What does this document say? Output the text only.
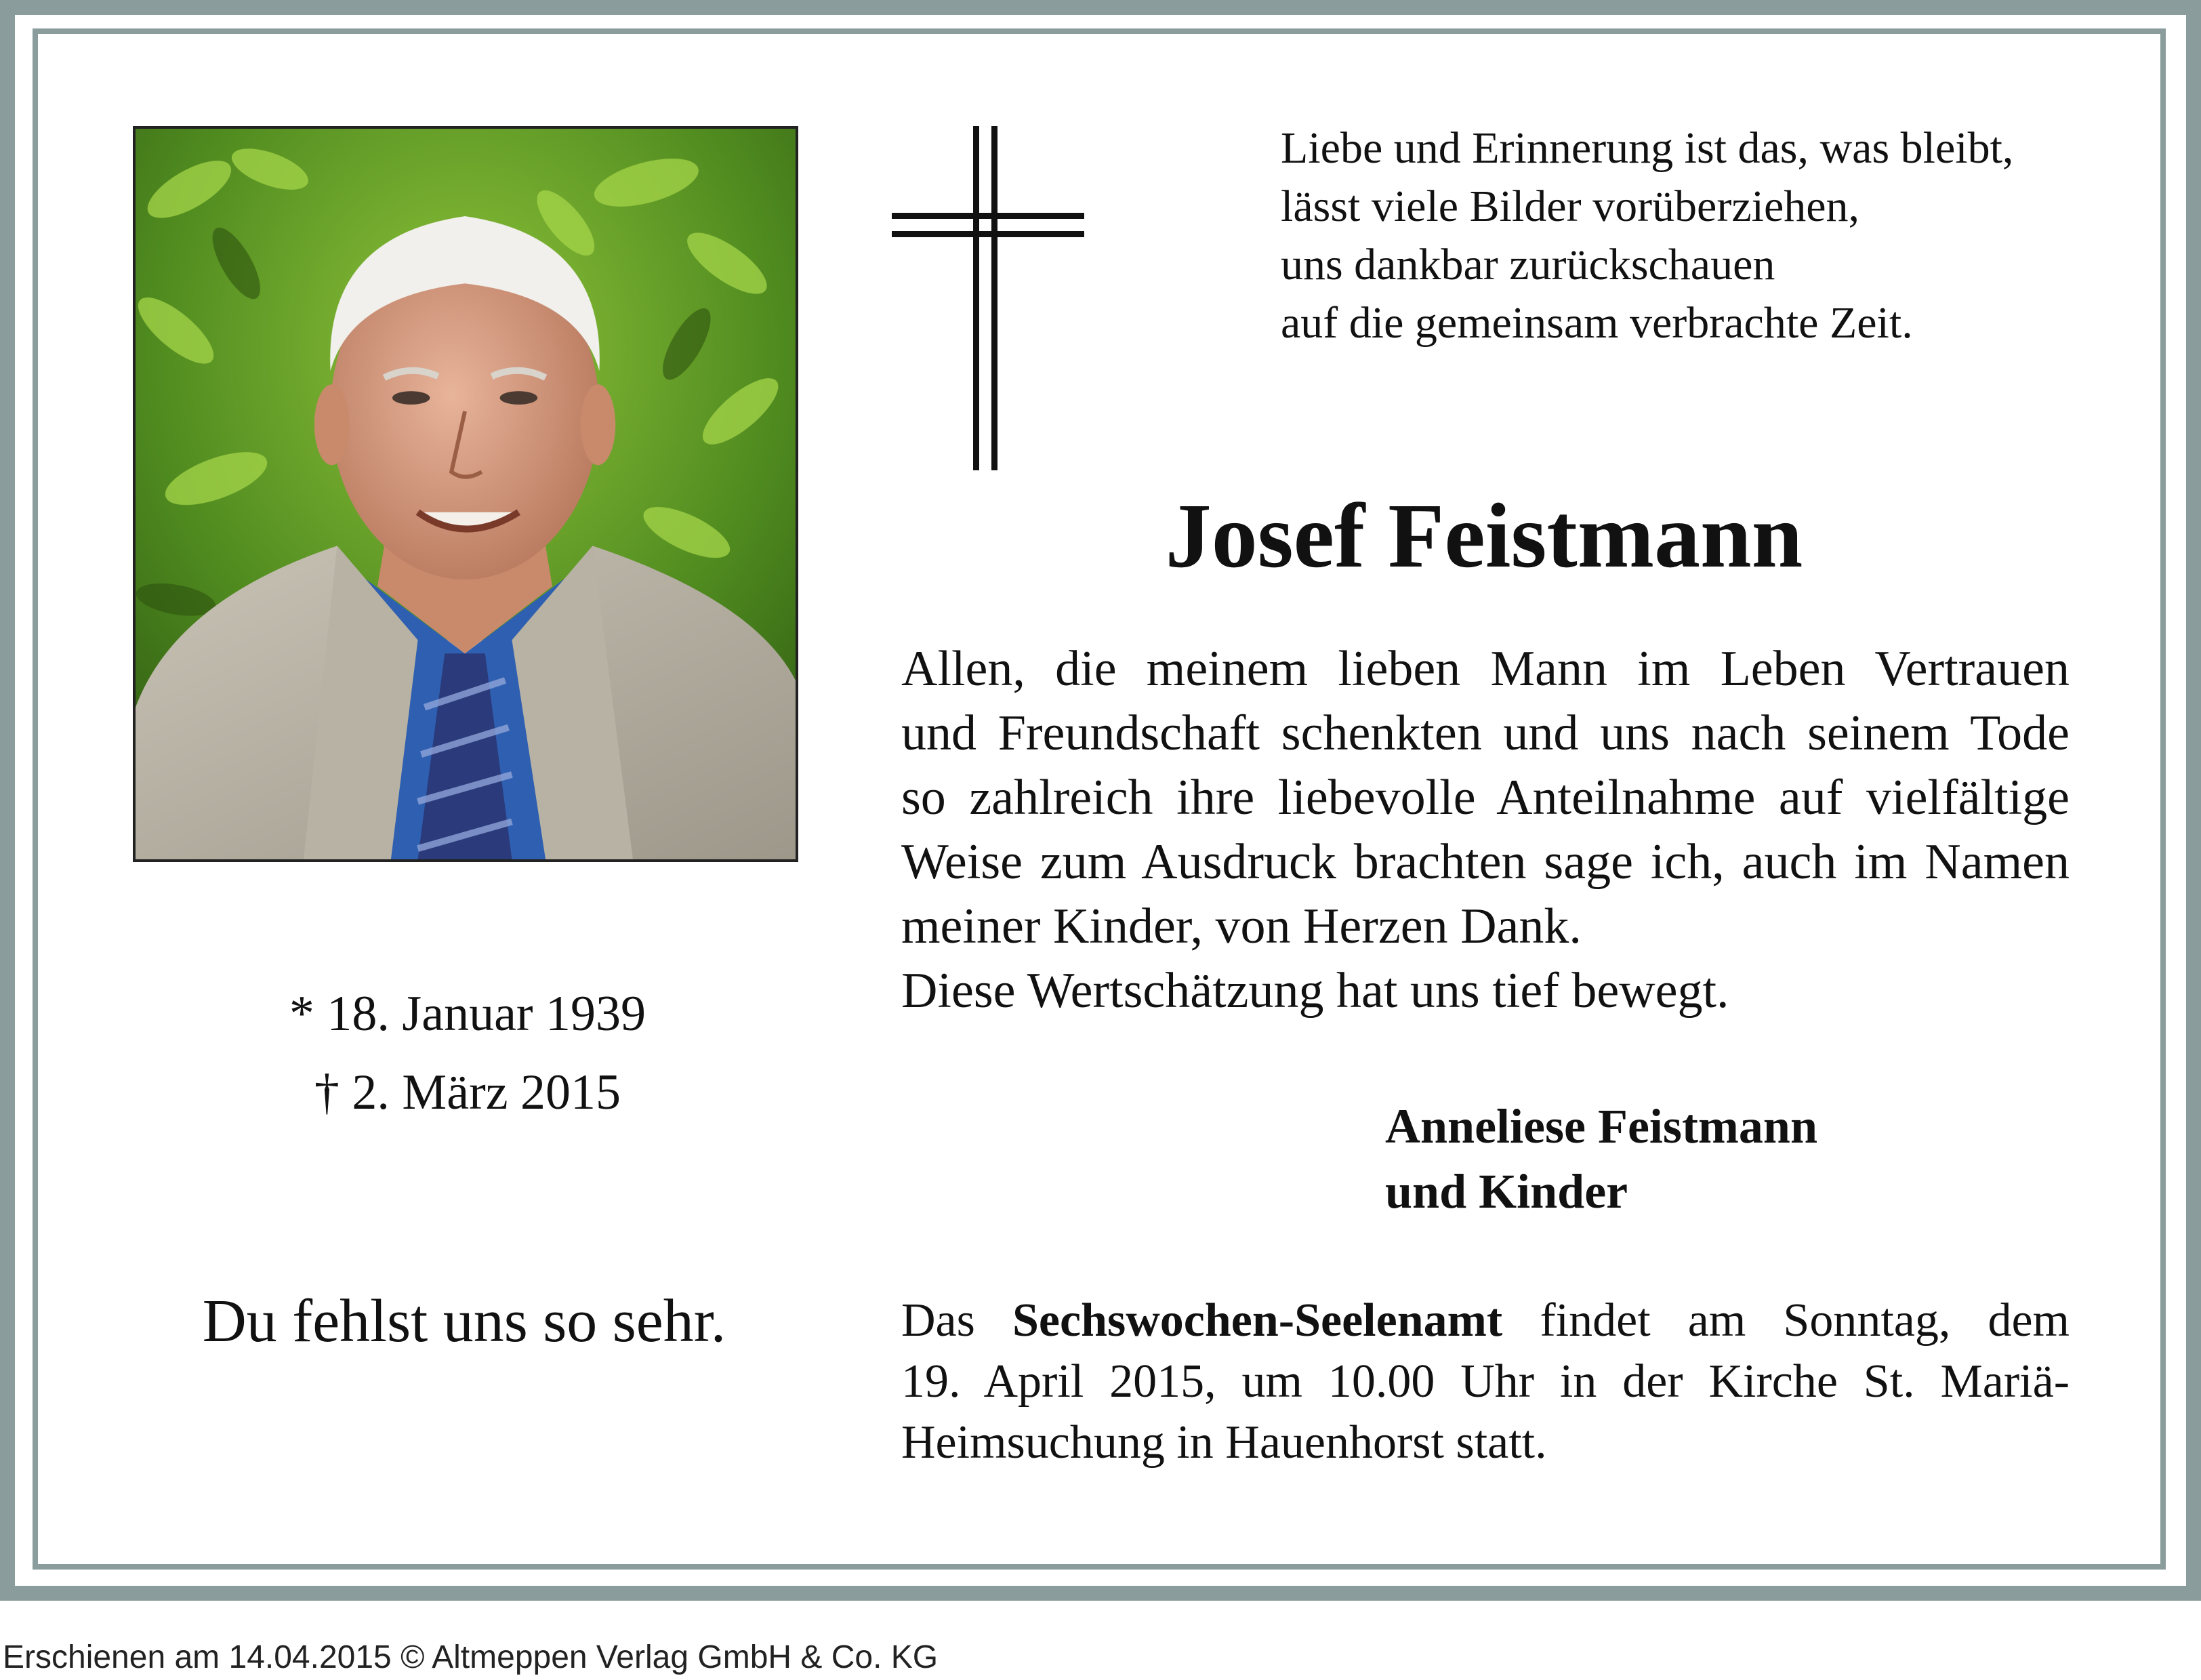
Liebe und Erinnerung ist das, was bleibt,
lässt viele Bilder vorüberziehen,
uns dankbar zurückschauen
auf die gemeinsam verbrachte Zeit.
Josef Feistmann
Allen, die meinem lieben Mann im Leben Vertrauen
und Freundschaft schenkten und uns nach seinem Tode
so zahlreich ihre liebevolle Anteilnahme auf vielfältige
Weise zum Ausdruck brachten sage ich, auch im Namen
meiner Kinder, von Herzen Dank.
Diese Wertschätzung hat uns tief bewegt.
* 18. Januar 1939
† 2. März 2015
Anneliese Feistmann
und Kinder
Du fehlst uns so sehr.	Das Sechswochen-Seelenamt findet am Sonntag, dem
19. April 2015, um 10.00 Uhr in der Kirche St. Mariä-
Heimsuchung in Hauenhorst statt.
Erschienen am 14.04.2015 © Altmeppen Verlag GmbH & Co. KG
